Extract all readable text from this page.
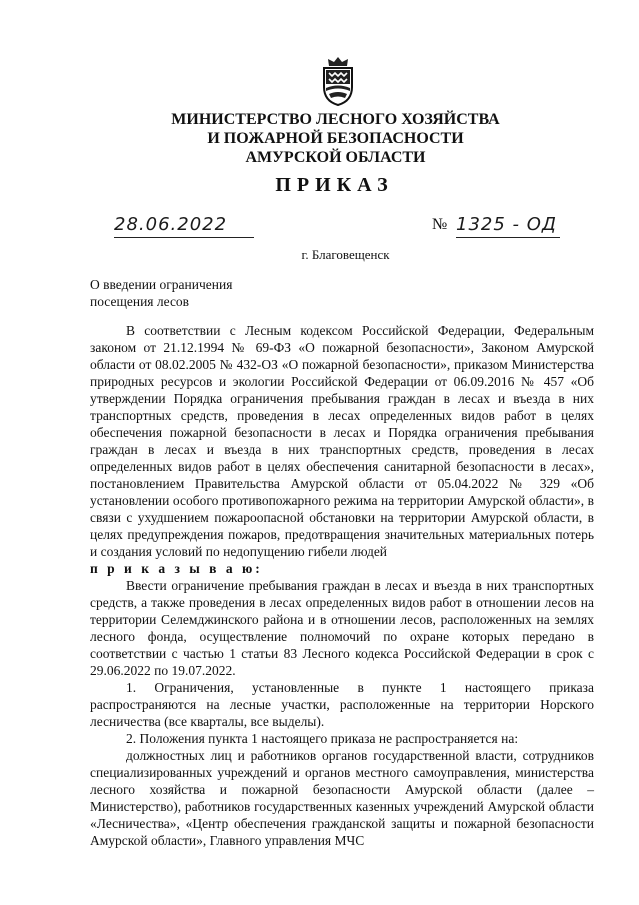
МИНИСТЕРСТВО ЛЕСНОГО ХОЗЯЙСТВА
И ПОЖАРНОЙ БЕЗОПАСНОСТИ
АМУРСКОЙ ОБЛАСТИ
ПРИКАЗ
28.06.2022	№ 1325 - ОД
г. Благовещенск
О введении ограничения
посещения лесов

В соответствии с Лесным кодексом Российской Федерации, Федеральным законом от 21.12.1994 № 69-ФЗ «О пожарной безопасности», Законом Амурской области от 08.02.2005 № 432-ОЗ «О пожарной безопасности», приказом Министерства природных ресурсов и экологии Российской Федерации от 06.09.2016 № 457 «Об утверждении Порядка ограничения пребывания граждан в лесах и въезда в них транспортных средств, проведения в лесах определенных видов работ в целях обеспечения пожарной безопасности в лесах и Порядка ограничения пребывания граждан в лесах и въезда в них транспортных средств, проведения в лесах определенных видов работ в целях обеспечения санитарной безопасности в лесах», постановлением Правительства Амурской области от 05.04.2022 № 329 «Об установлении особого противопожарного режима на территории Амурской области», в связи с ухудшением пожароопасной обстановки на территории Амурской области, в целях предупреждения пожаров, предотвращения значительных материальных потерь и создания условий по недопущению гибели людей

п р и к а з ы в а ю:

Ввести ограничение пребывания граждан в лесах и въезда в них транспортных средств, а также проведения в лесах определенных видов работ в отношении лесов на территории Селемджинского района и в отношении лесов, расположенных на землях лесного фонда, осуществление полномочий по охране которых передано в соответствии с частью 1 статьи 83 Лесного кодекса Российской Федерации в срок с 29.06.2022 по 19.07.2022.

1. Ограничения, установленные в пункте 1 настоящего приказа распространяются на лесные участки, расположенные на территории Норского лесничества (все кварталы, все выделы).

2. Положения пункта 1 настоящего приказа не распространяется на:

должностных лиц и работников органов государственной власти, сотрудников специализированных учреждений и органов местного самоуправления, министерства лесного хозяйства и пожарной безопасности Амурской области (далее – Министерство), работников государственных казенных учреждений Амурской области «Лесничества», «Центр обеспечения гражданской защиты и пожарной безопасности Амурской области», Главного управления МЧС
